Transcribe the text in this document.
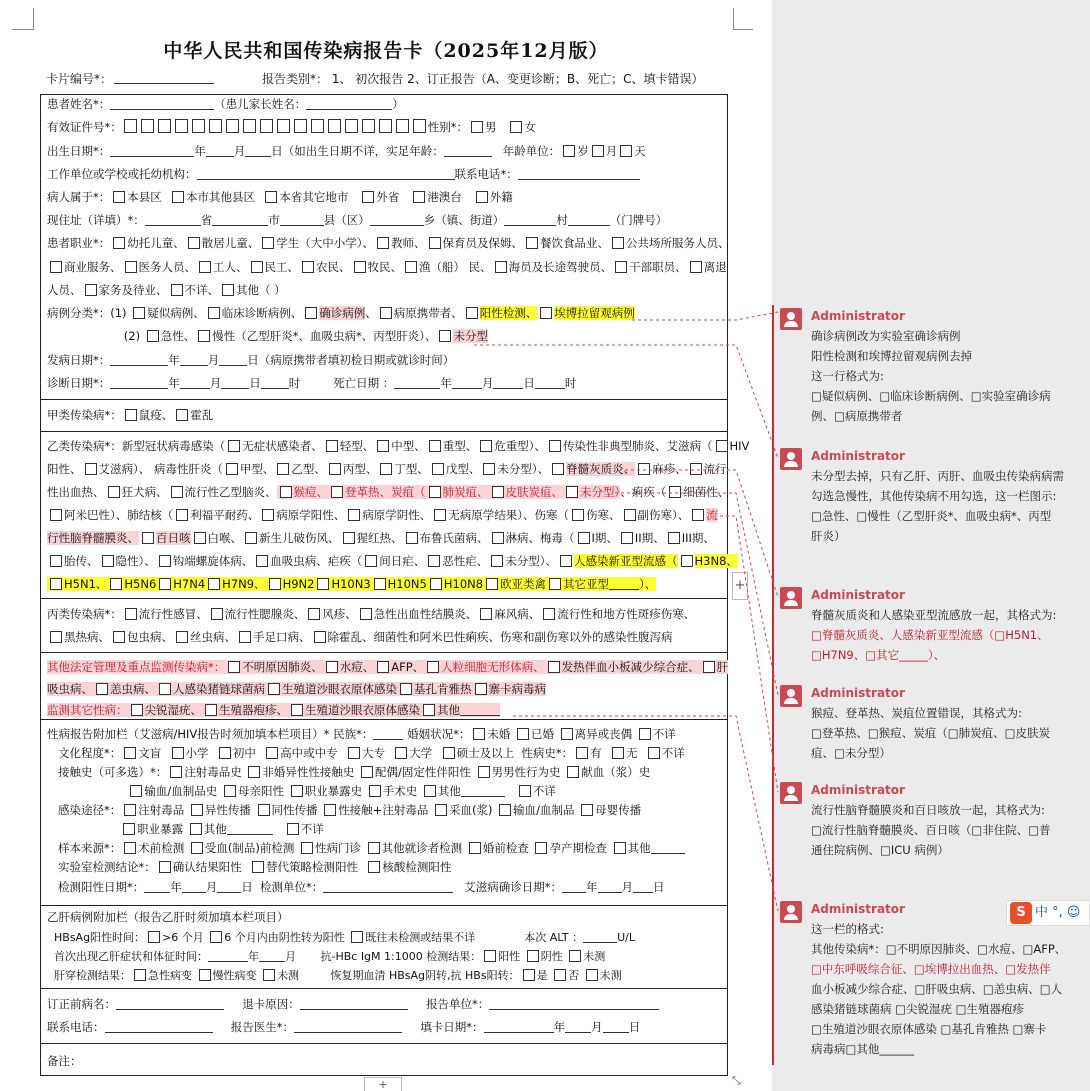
中华人民共和国传染病报告卡（2025年12月版）
卡片编号*：	报告类别*： 1、 初次报告 2、订正报告（A、变更诊断；B、死亡；C、填卡错误）
患者姓名*：	（患儿家长姓名：	）
有效证件号*：	性别*： 男 女
出生日期*：	年 月 日（如出生日期不详，实足年龄：	年龄单位： 岁 月 天
工作单位或学校或托幼机构：	联系电话*：
病人属于*： 本县区 本市其他县区 本省其它地市 外省 港澳台 外籍
现住址（详填）*：	省	市	县（区）	乡（镇、街道）	村	（门牌号）
患者职业*： 幼托儿童、 散居儿童、 学生（大中小学）、 教师、 保育员及保姆、 餐饮食品业、 公共场所服务人员、
商业服务、 医务人员、 工人、 民工、 农民、 牧民、 渔（船） 民、 海员及长途驾驶员、 干部职员、 离退
人员、 家务及待业、 不详、 其他（ ）
病例分类*：(1) 疑似病例、 临床诊断病例、 确诊病例、 病原携带者、 阳性检测、 埃博拉留观病例
(2) 急性、 慢性（乙型肝炎*、血吸虫病*、丙型肝炎）、 未分型
发病日期*：	年 月 日（病原携带者填初检日期或就诊时间）
诊断日期*：	年	月 日 时	死亡日期 ：	年	月	日	时
甲类传染病*： 鼠疫、 霍乱
乙类传染病*：新型冠状病毒感染（ 无症状感染者、 轻型、 中型、 重型、 危重型）、 传染性非典型肺炎、艾滋病（ HIV
阳性、 艾滋病）、 病毒性肝炎（ 甲型、 乙型、 丙型、 丁型、 戊型、 未分型）、 脊髓灰质炎、 麻疹、 流行
性出血热、 狂犬病、 流行性乙型脑炎、 猴痘、 登革热、炭疽（ 肺炭疽、 皮肤炭疽、 未分型）、痢疾（ 细菌性、
阿米巴性）、肺结核（ 利福平耐药、 病原学阳性、 病原学阴性、 无病原学结果）、伤寒（ 伤寒、 副伤寒）、 流
行性脑脊髓膜炎、 百日咳 白喉、 新生儿破伤风、 猩红热、 布鲁氏菌病、 淋病、梅毒（ I期、 II期、 III期、
胎传、 隐性）、 钩端螺旋体病、 血吸虫病、疟疾（ 间日疟、 恶性疟、 未分型）、 人感染新亚型流感（ H3N8、
H5N1、 H5N6 H7N4 H7N9、 H9N2 H10N3 H10N5 H10N8 欧亚类禽 其它亚型	）、
丙类传染病*： 流行性感冒、 流行性腮腺炎、 风疹、 急性出血性结膜炎、 麻风病、 流行性和地方性斑疹伤寒、
黑热病、 包虫病、 丝虫病、 手足口病、 除霍乱、细菌性和阿米巴性痢疾、伤寒和副伤寒以外的感染性腹泻病
其他法定管理及重点监测传染病*： 不明原因肺炎、 水痘、 AFP、 人粒细胞无形体病、 发热伴血小板减少综合症、 肝
吸虫病、 恙虫病、 人感染猪链球菌病 生殖道沙眼衣原体感染 基孔肯雅热 寨卡病毒病
监测其它性病： 尖锐湿疣、 生殖器疱疹、 生殖道沙眼衣原体感染 其他
性病报告附加栏（艾滋病/HIV报告时须加填本栏项目）* 民族*：	婚姻状况*： 未婚 已婚 离异或丧偶 不详
文化程度*： 文盲 小学 初中 高中或中专 大专 大学 硕士及以上 性病史*： 有 无 不详
接触史（可多选）*： 注射毒品史 非婚异性性接触史 配偶/固定性伴阳性 男男性行为史 献血（浆）史
输血/血制品史 母亲阳性 职业暴露史 手术史 其他	不详
感染途径*： 注射毒品 异性传播 同性传播 性接触+注射毒品 采血(浆) 输血/血制品 母婴传播
职业暴露 其他	不详
样本来源*： 术前检测 受血(制品)前检测 性病门诊 其他就诊者检测 婚前检查 孕产期检查 其他
实验室检测结论*： 确认结果阳性 替代策略检测阳性 核酸检测阳性
检测阳性日期*： 年 月 日 检测单位*：	艾滋病确诊日期*： 年 月 日
乙肝病例附加栏（报告乙肝时须加填本栏项目）
HBsAg阳性时间： >6 个月 6 个月内由阴性转为阳性 既往未检测或结果不详	本次 ALT ：	U/L
首次出现乙肝症状和体征时间：	年 月 抗-HBc IgM 1:1000 检测结果： 阳性 阴性 未测
肝穿检测结果： 急性病变 慢性病变 未测	恢复期血清 HBsAg阴转,抗 HBs阳转： 是 否 未测
订正前病名：	退卡原因：	报告单位*：
联系电话：	报告医生*：	填卡日期*：	年 月 日
备注：
+
+	⤡
Administrator
确诊病例改为实验室确诊病例
阳性检测和埃博拉留观病例去掉
这一行格式为:
□疑似病例、□临床诊断病例、□实验室确诊病
例、□病原携带者
Administrator
未分型去掉，只有乙肝、丙肝、血吸虫传染病病需
勾选急慢性，其他传染病不用勾选，这一栏图示:
□急性、□慢性（乙型肝炎*、血吸虫病*、丙型
肝炎）
Administrator
脊髓灰质炎和人感染亚型流感放一起，其格式为:
□脊髓灰质炎、人感染新亚型流感（□H5N1、
□H7N9、□其它_____）、
Administrator
猴痘、登革热、炭疽位置错误，其格式为:
□登革热、□猴痘、炭疽（□肺炭疽、□皮肤炭
疽、□未分型）
Administrator
流行性脑脊髓膜炎和百日咳放一起，其格式为:
□流行性脑脊髓膜炎、百日咳（□非住院、□普
通住院病例、□ICU 病例）
Administrator
这一栏的格式:
其他传染病*：□不明原因肺炎、□水痘、□AFP、
□中东呼吸综合征、□埃博拉出血热、□发热伴
血小板减少综合症、□肝吸虫病、□恙虫病、□人
感染猪链球菌病 □尖锐湿疣 □生殖器疱疹
□生殖道沙眼衣原体感染 □基孔肯雅热 □寨卡
病毒病□其他______
S 中 °, ☺
